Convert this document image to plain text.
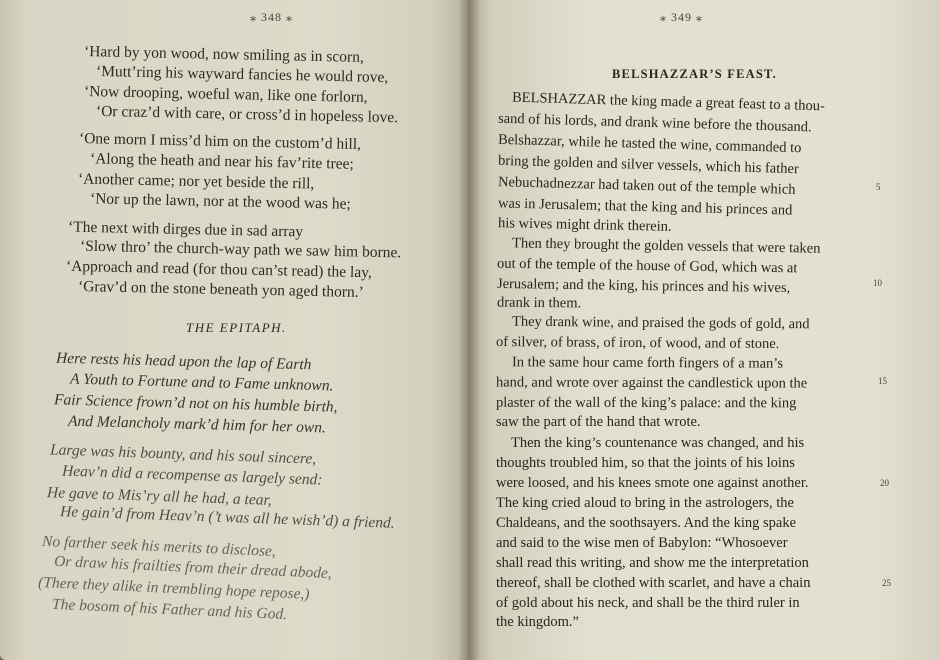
⁎ 348 ⁎
‘Hard by yon wood, now smiling as in scorn,
‘Mutt’ring his wayward fancies he would rove,
‘Now drooping, woeful wan, like one forlorn,
‘Or craz’d with care, or cross’d in hopeless love.
‘One morn I miss’d him on the custom’d hill,
‘Along the heath and near his fav’rite tree;
‘Another came; nor yet beside the rill,
‘Nor up the lawn, nor at the wood was he;
‘The next with dirges due in sad array
‘Slow thro’ the church-way path we saw him borne.
‘Approach and read (for thou can’st read) the lay,
‘Grav’d on the stone beneath yon aged thorn.’
THE EPITAPH.
Here rests his head upon the lap of Earth
A Youth to Fortune and to Fame unknown.
Fair Science frown’d not on his humble birth,
And Melancholy mark’d him for her own.
Large was his bounty, and his soul sincere,
Heav’n did a recompense as largely send:
He gave to Mis’ry all he had, a tear,
He gain’d from Heav’n (’t was all he wish’d) a friend.
No farther seek his merits to disclose,
Or draw his frailties from their dread abode,
(There they alike in trembling hope repose,)
The bosom of his Father and his God.
⁎ 349 ⁎
BELSHAZZAR’S FEAST.
BELSHAZZAR the king made a great feast to a thou-
sand of his lords, and drank wine before the thousand.
Belshazzar, while he tasted the wine, commanded to
bring the golden and silver vessels, which his father
Nebuchadnezzar had taken out of the temple which
was in Jerusalem; that the king and his princes and
his wives might drink therein.
Then they brought the golden vessels that were taken
out of the temple of the house of God, which was at
Jerusalem; and the king, his princes and his wives,
drank in them.
They drank wine, and praised the gods of gold, and
of silver, of brass, of iron, of wood, and of stone.
In the same hour came forth fingers of a man’s
hand, and wrote over against the candlestick upon the
plaster of the wall of the king’s palace: and the king
saw the part of the hand that wrote.
Then the king’s countenance was changed, and his
thoughts troubled him, so that the joints of his loins
were loosed, and his knees smote one against another.
The king cried aloud to bring in the astrologers, the
Chaldeans, and the soothsayers. And the king spake
and said to the wise men of Babylon: “Whosoever
shall read this writing, and show me the interpretation
thereof, shall be clothed with scarlet, and have a chain
of gold about his neck, and shall be the third ruler in
the kingdom.”
5
10
15
20
25
